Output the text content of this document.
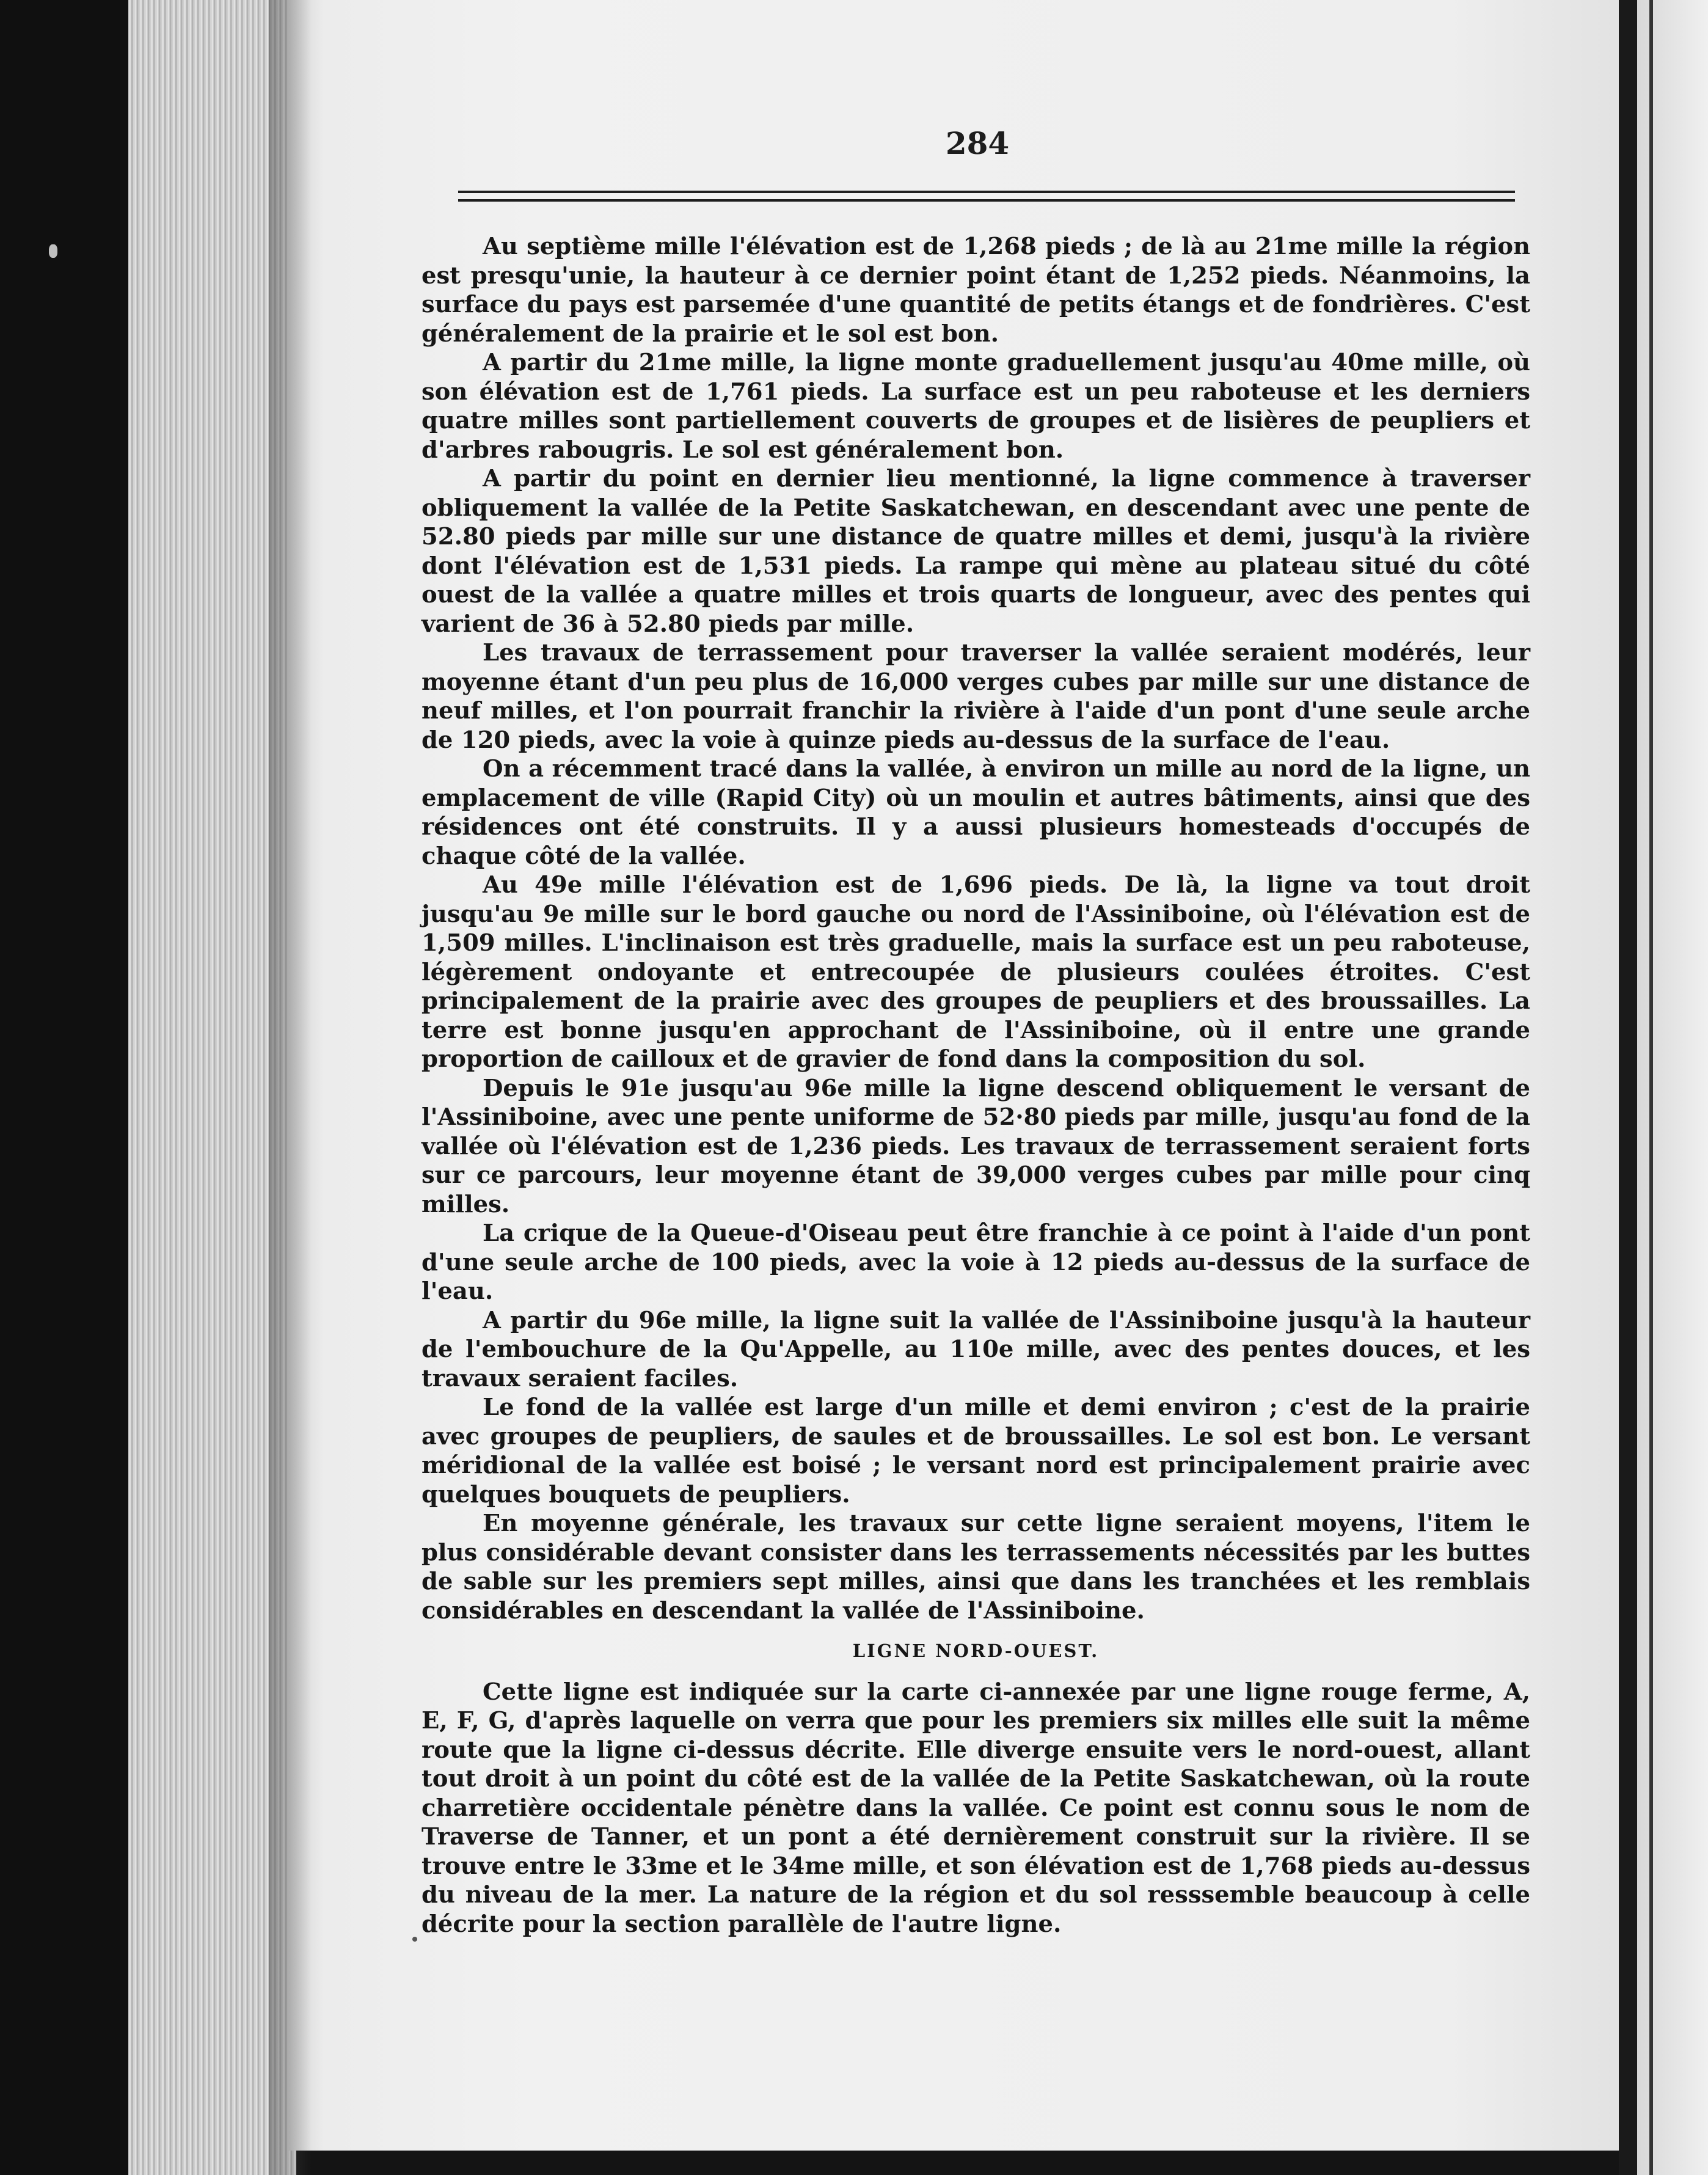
284

Au septième mille l'élévation est de 1,268 pieds ; de là au 21me mille la région est presqu'unie, la hauteur à ce dernier point étant de 1,252 pieds. Néanmoins, la surface du pays est parsemée d'une quantité de petits étangs et de fondrières. C'est généralement de la prairie et le sol est bon.

A partir du 21me mille, la ligne monte graduellement jusqu'au 40me mille, où son élévation est de 1,761 pieds. La surface est un peu raboteuse et les derniers quatre milles sont partiellement couverts de groupes et de lisières de peupliers et d'arbres rabougris. Le sol est généralement bon.

A partir du point en dernier lieu mentionné, la ligne commence à traverser obliquement la vallée de la Petite Saskatchewan, en descendant avec une pente de 52.80 pieds par mille sur une distance de quatre milles et demi, jusqu'à la rivière dont l'élévation est de 1,531 pieds. La rampe qui mène au plateau situé du côté ouest de la vallée a quatre milles et trois quarts de longueur, avec des pentes qui varient de 36 à 52.80 pieds par mille.

Les travaux de terrassement pour traverser la vallée seraient modérés, leur moyenne étant d'un peu plus de 16,000 verges cubes par mille sur une distance de neuf milles, et l'on pourrait franchir la rivière à l'aide d'un pont d'une seule arche de 120 pieds, avec la voie à quinze pieds au-dessus de la surface de l'eau.

On a récemment tracé dans la vallée, à environ un mille au nord de la ligne, un emplacement de ville (Rapid City) où un moulin et autres bâtiments, ainsi que des résidences ont été construits. Il y a aussi plusieurs homesteads d'occupés de chaque côté de la vallée.

Au 49e mille l'élévation est de 1,696 pieds. De là, la ligne va tout droit jusqu'au 9e mille sur le bord gauche ou nord de l'Assiniboine, où l'élévation est de 1,509 milles. L'inclinaison est très graduelle, mais la surface est un peu raboteuse, légèrement ondoyante et entrecoupée de plusieurs coulées étroites. C'est principalement de la prairie avec des groupes de peupliers et des broussailles. La terre est bonne jusqu'en approchant de l'Assiniboine, où il entre une grande proportion de cailloux et de gravier de fond dans la composition du sol.

Depuis le 91e jusqu'au 96e mille la ligne descend obliquement le versant de l'Assiniboine, avec une pente uniforme de 52·80 pieds par mille, jusqu'au fond de la vallée où l'élévation est de 1,236 pieds. Les travaux de terrassement seraient forts sur ce parcours, leur moyenne étant de 39,000 verges cubes par mille pour cinq milles.

La crique de la Queue-d'Oiseau peut être franchie à ce point à l'aide d'un pont d'une seule arche de 100 pieds, avec la voie à 12 pieds au-dessus de la surface de l'eau.

A partir du 96e mille, la ligne suit la vallée de l'Assiniboine jusqu'à la hauteur de l'embouchure de la Qu'Appelle, au 110e mille, avec des pentes douces, et les travaux seraient faciles.

Le fond de la vallée est large d'un mille et demi environ ; c'est de la prairie avec groupes de peupliers, de saules et de broussailles. Le sol est bon. Le versant méridional de la vallée est boisé ; le versant nord est principalement prairie avec quelques bouquets de peupliers.

En moyenne générale, les travaux sur cette ligne seraient moyens, l'item le plus considérable devant consister dans les terrassements nécessités par les buttes de sable sur les premiers sept milles, ainsi que dans les tranchées et les remblais considérables en descendant la vallée de l'Assiniboine.

LIGNE NORD-OUEST.

Cette ligne est indiquée sur la carte ci-annexée par une ligne rouge ferme, A, E, F, G, d'après laquelle on verra que pour les premiers six milles elle suit la même route que la ligne ci-dessus décrite. Elle diverge ensuite vers le nord-ouest, allant tout droit à un point du côté est de la vallée de la Petite Saskatchewan, où la route charretière occidentale pénètre dans la vallée. Ce point est connu sous le nom de Traverse de Tanner, et un pont a été dernièrement construit sur la rivière. Il se trouve entre le 33me et le 34me mille, et son élévation est de 1,768 pieds au-dessus du niveau de la mer. La nature de la région et du sol resssemble beaucoup à celle décrite pour la section parallèle de l'autre ligne.
